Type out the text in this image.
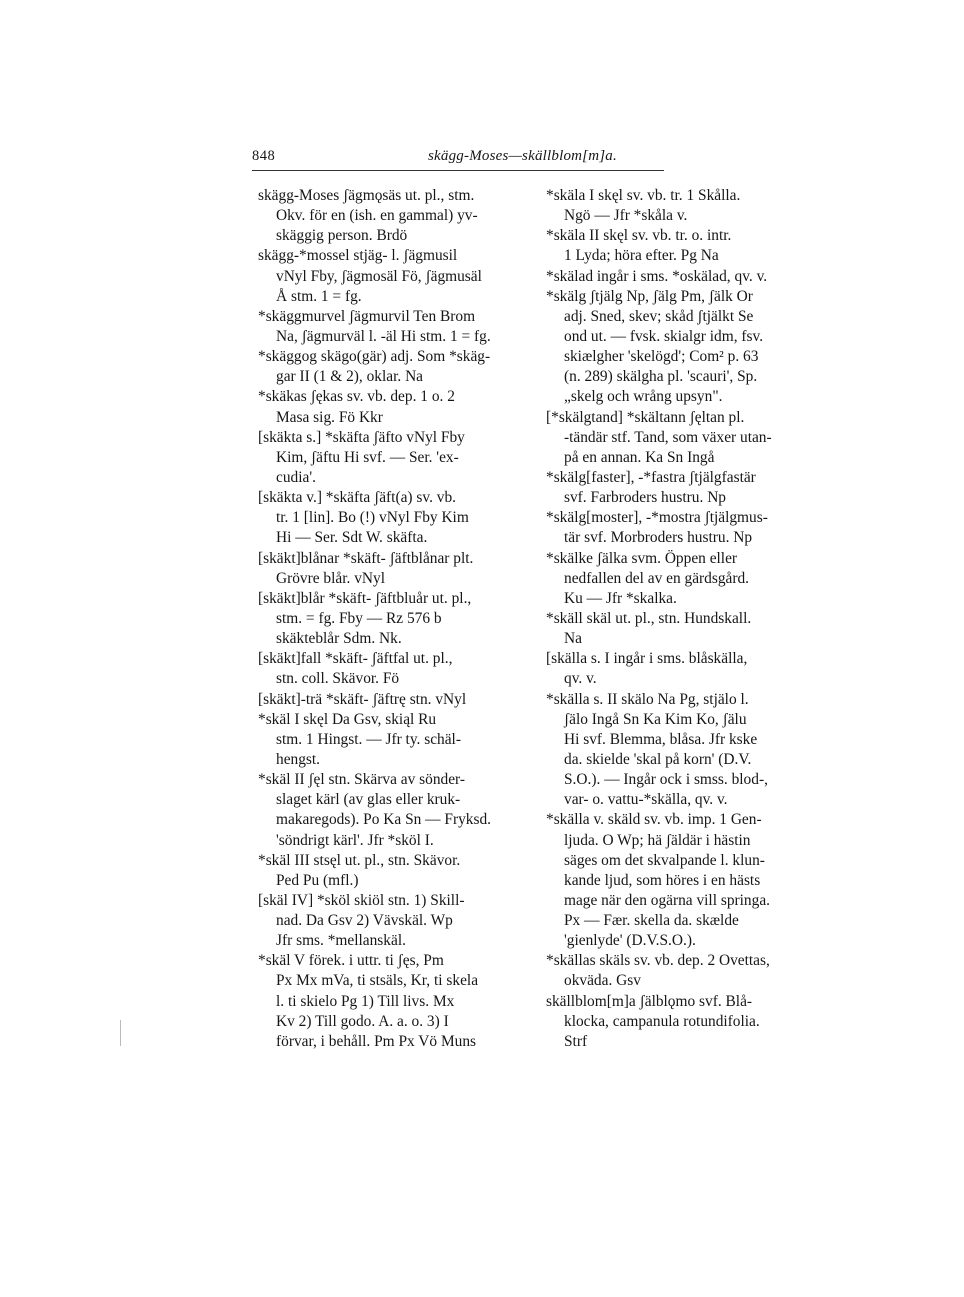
848	skägg-Moses—skällblom[m]a.
skägg-Moses ʃägmǫsäs ut. pl., stm.
Okv. för en (ish. en gammal) yv-
skäggig person. Brdö
skägg-*mossel stjäg- l. ʃägmusil
vNyl Fby, ʃägmosäl Fö, ʃägmusäl
Å stm. 1 = fg.
*skäggmurvel ʃägmurvil Ten Brom
Na, ʃägmurväl l. -äl Hi stm. 1 = fg.
*skäggog skägo(gär) adj. Som *skäg-
gar II (1 & 2), oklar. Na
*skäkas ʃękas sv. vb. dep. 1 o. 2
Masa sig. Fö Kkr
[skäkta s.] *skäfta ʃäfto vNyl Fby
Kim, ʃäftu Hi svf. — Ser. 'ex-
cudia'.
[skäkta v.] *skäfta ʃäft(a) sv. vb.
tr. 1 [lin]. Bo (!) vNyl Fby Kim
Hi — Ser. Sdt W. skäfta.
[skäkt]blånar *skäft- ʃäftblånar plt.
Grövre blår. vNyl
[skäkt]blår *skäft- ʃäftbluår ut. pl.,
stm. = fg. Fby — Rz 576 b
skäkteblår Sdm. Nk.
[skäkt]fall *skäft- ʃäftfal ut. pl.,
stn. coll. Skävor. Fö
[skäkt]-trä *skäft- ʃäftrę stn. vNyl
*skäl I skęl Da Gsv, skiąl Ru
stm. 1 Hingst. — Jfr ty. schäl-
hengst.
*skäl II ʃęl stn. Skärva av sönder-
slaget kärl (av glas eller kruk-
makaregods). Po Ka Sn — Fryksd.
'söndrigt kärl'. Jfr *sköl I.
*skäl III stsęl ut. pl., stn. Skävor.
Ped Pu (mfl.)
[skäl IV] *sköl skiöl stn. 1) Skill-
nad. Da Gsv 2) Vävskäl. Wp
Jfr sms. *mellanskäl.
*skäl V förek. i uttr. ti ʃęs, Pm
Px Mx mVa, ti stsäls, Kr, ti skela
l. ti skielo Pg 1) Till livs. Mx
Kv 2) Till godo. A. a. o. 3) I
förvar, i behåll. Pm Px Vö Muns
*skäla I skęl sv. vb. tr. 1 Skålla.
Ngö — Jfr *skåla v.
*skäla II skęl sv. vb. tr. o. intr.
1 Lyda; höra efter. Pg Na
*skälad ingår i sms. *oskälad, qv. v.
*skälg ʃtjälg Np, ʃälg Pm, ʃälk Or
adj. Sned, skev; skåd ʃtjälkt Se
ond ut. — fvsk. skialgr idm, fsv.
skiælgher 'skelögd'; Com² p. 63
(n. 289) skälgha pl. 'scauri', Sp.
„skelg och wrång upsyn".
[*skälgtand] *skältann ʃęltan pl.
-tändär stf. Tand, som växer utan-
på en annan. Ka Sn Ingå
*skälg[faster], -*fastra ʃtjälgfastär
svf. Farbroders hustru. Np
*skälg[moster], -*mostra ʃtjälgmus-
tär svf. Morbroders hustru. Np
*skälke ʃälka svm. Öppen eller
nedfallen del av en gärdsgård.
Ku — Jfr *skalka.
*skäll skäl ut. pl., stn. Hundskall.
Na
[skälla s. I ingår i sms. blåskälla,
qv. v.
*skälla s. II skälo Na Pg, stjälo l.
ʃälo Ingå Sn Ka Kim Ko, ʃälu
Hi svf. Blemma, blåsa. Jfr kske
da. skielde 'skal på korn' (D.V.
S.O.). — Ingår ock i smss. blod-,
var- o. vattu-*skälla, qv. v.
*skälla v. skäld sv. vb. imp. 1 Gen-
ljuda. O Wp; hä ʃäldär i hästin
säges om det skvalpande l. klun-
kande ljud, som höres i en hästs
mage när den ogärna vill springa.
Px — Fær. skella da. skælde
'gienlyde' (D.V.S.O.).
*skällas skäls sv. vb. dep. 2 Ovettas,
okväda. Gsv
skällblom[m]a ʃälblǫmo svf. Blå-
klocka, campanula rotundifolia.
Strf
